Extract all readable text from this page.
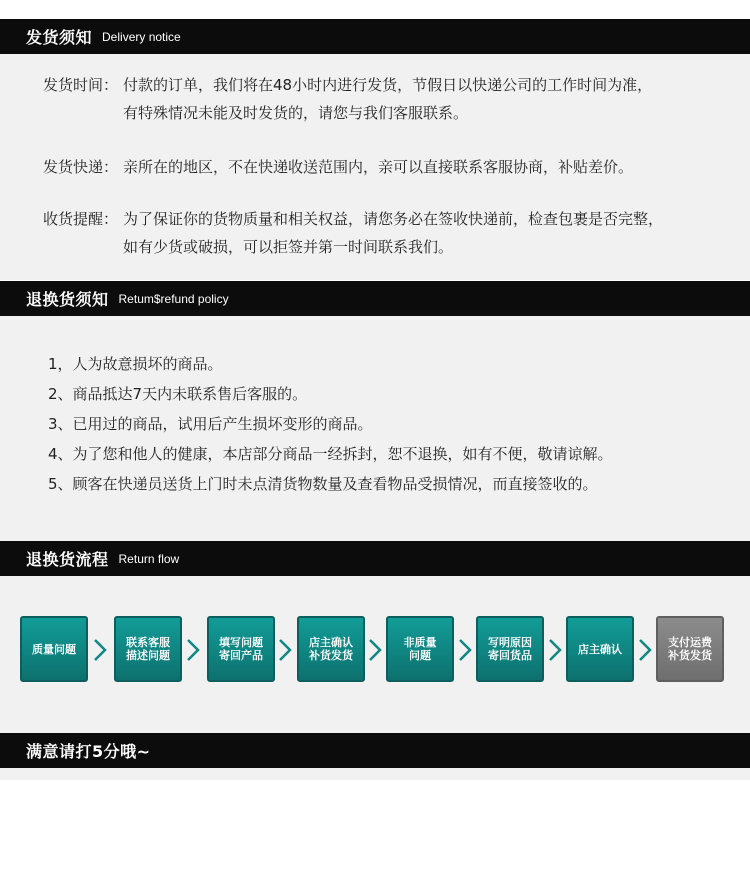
发货须知 Delivery notice
发货时间： 付款的订单，我们将在48小时内进行发货，节假日以快递公司的工作时间为准，
有特殊情况未能及时发货的，请您与我们客服联系。
发货快递： 亲所在的地区，不在快递收送范围内，亲可以直接联系客服协商，补贴差价。
收货提醒： 为了保证你的货物质量和相关权益，请您务必在签收快递前，检查包裹是否完整，
如有少货或破损，可以拒签并第一时间联系我们。
退换货须知 Retum$refund policy
1，人为故意损坏的商品。
2、商品抵达7天内未联系售后客服的。
3、已用过的商品，试用后产生损坏变形的商品。
4、为了您和他人的健康，本店部分商品一经拆封，恕不退换，如有不便，敬请谅解。
5、顾客在快递员送货上门时未点清货物数量及查看物品受损情况，而直接签收的。
退换货流程 Return flow
质量问题	联系客服
描述问题
填写问题
寄回产品
店主确认
补货发货
非质量
问题
写明原因
寄回货品	店主确认	支付运费
补货发货
满意请打5分哦~
